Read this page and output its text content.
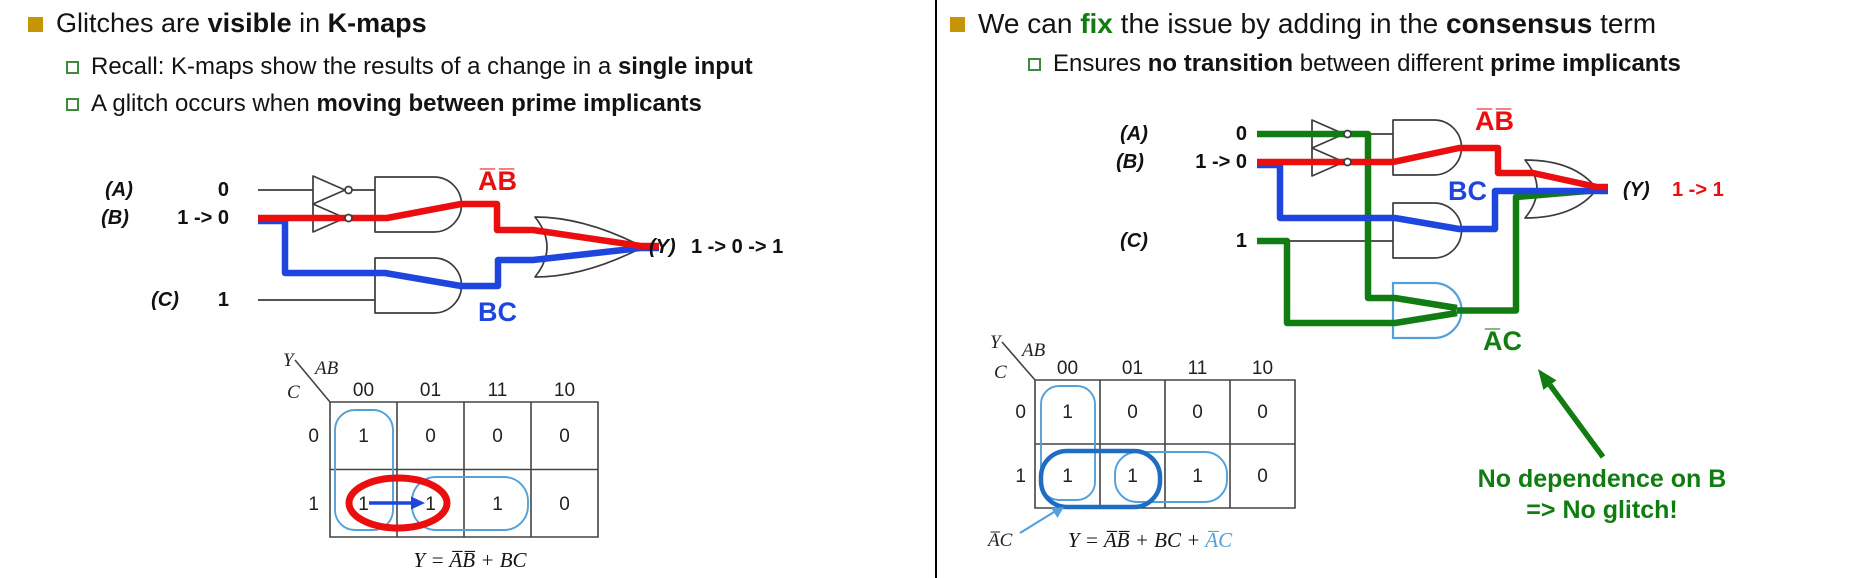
Glitches are visible in K-maps
Recall: K-maps show the results of a change in a single input
A glitch occurs when moving between prime implicants
(A)	0
(B) 1 -> 0
(C) 1
A̅B̅
BC
(Y) 1 -> 0 -> 1
Y AB
C	00 01 11 10
0
1
1	0	0	0
1	1	1	0
Y = A̅B̅ + BC
We can fix the issue by adding in the consensus term
Ensures no transition between different prime implicants
(A)	0
(B)	1 -> 0
(C)	1
A̅B̅
BC
A̅C
(Y) 1 -> 1
Y AB
C	00 01 11 10
0
1
1	0	0	0
1	1	1	0
A̅C	Y = A̅B̅ + BC + A̅C
No dependence on B
=> No glitch!
